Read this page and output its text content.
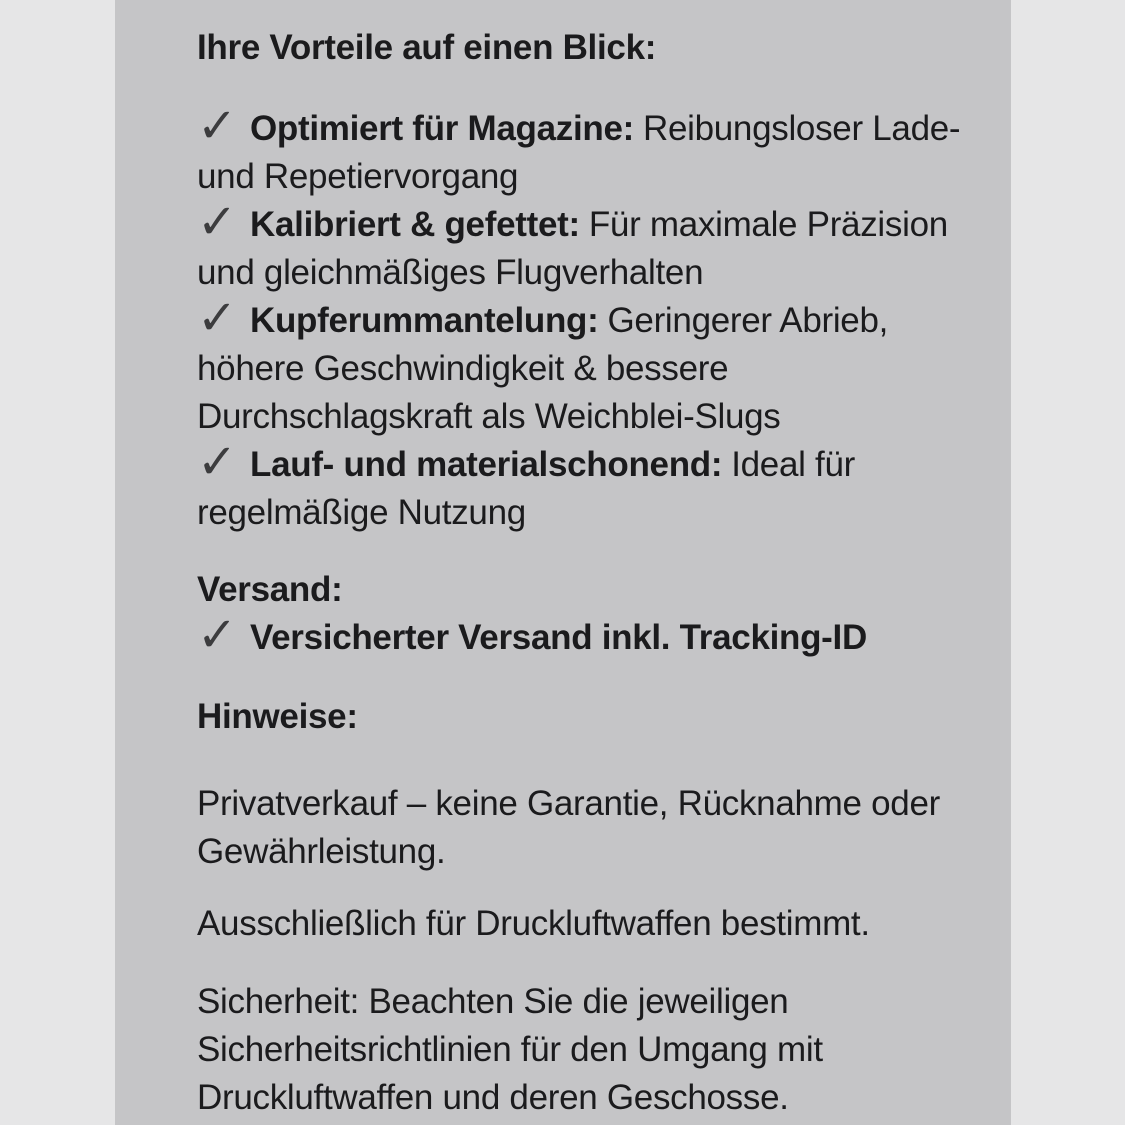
Ihre Vorteile auf einen Blick:
✓ Optimiert für Magazine: Reibungsloser Lade-
und Repetiervorgang
✓ Kalibriert & gefettet: Für maximale Präzision
und gleichmäßiges Flugverhalten
✓ Kupferummantelung: Geringerer Abrieb,
höhere Geschwindigkeit & bessere
Durchschlagskraft als Weichblei-Slugs
✓ Lauf- und materialschonend: Ideal für
regelmäßige Nutzung
Versand:
✓ Versicherter Versand inkl. Tracking-ID
Hinweise:
Privatverkauf – keine Garantie, Rücknahme oder
Gewährleistung.
Ausschließlich für Druckluftwaffen bestimmt.
Sicherheit: Beachten Sie die jeweiligen
Sicherheitsrichtlinien für den Umgang mit
Druckluftwaffen und deren Geschosse.
